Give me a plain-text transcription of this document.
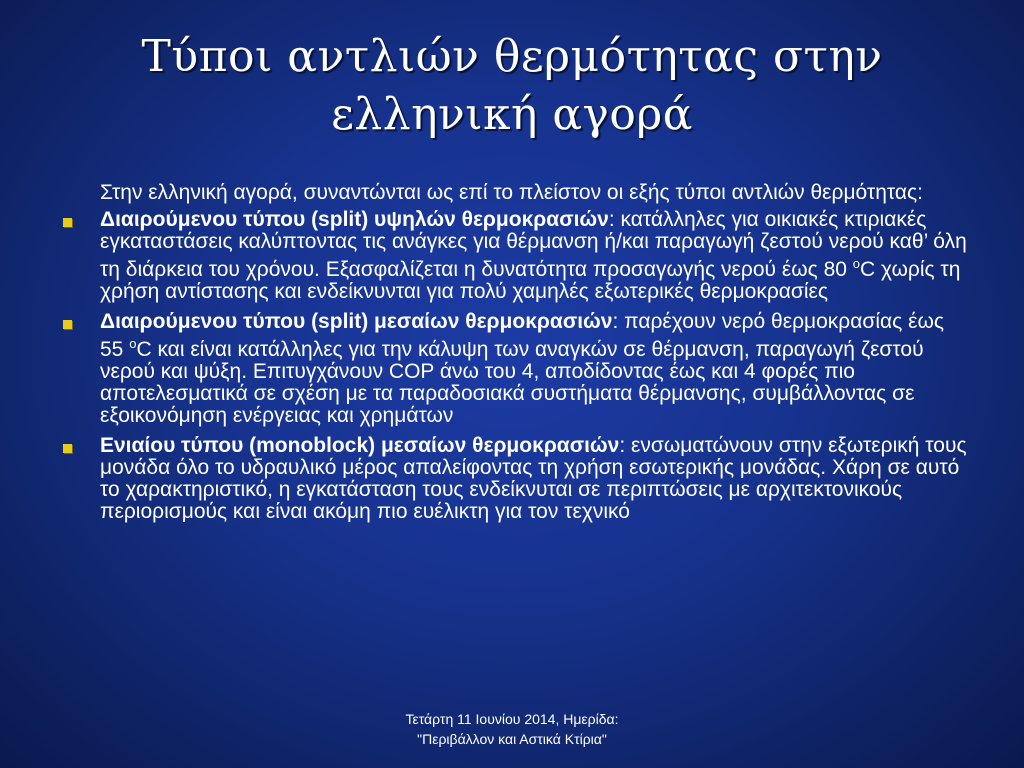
Τύποι αντλιών θερμότητας στην ελληνική αγορά

Στην ελληνική αγορά, συναντώνται ως επί το πλείστον οι εξής τύποι αντλιών θερμότητας:

Διαιρούμενου τύπου (split) υψηλών θερμοκρασιών: κατάλληλες για οικιακές κτιριακές εγκαταστάσεις καλύπτοντας τις ανάγκες για θέρμανση ή/και παραγωγή ζεστού νερού καθ’ όλη τη διάρκεια του χρόνου. Εξασφαλίζεται η δυνατότητα προσαγωγής νερού έως 80 $^o$C χωρίς τη χρήση αντίστασης και ενδείκνυνται για πολύ χαμηλές εξωτερικές θερμοκρασίες
Διαιρούμενου τύπου (split) μεσαίων θερμοκρασιών: παρέχουν νερό θερμοκρασίας έως 55 $^o$C και είναι κατάλληλες για την κάλυψη των αναγκών σε θέρμανση, παραγωγή ζεστού νερού και ψύξη. Επιτυγχάνουν COP άνω του 4, αποδίδοντας έως και 4 φορές πιο αποτελεσματικά σε σχέση με τα παραδοσιακά συστήματα θέρμανσης, συμβάλλοντας σε εξοικονόμηση ενέργειας και χρημάτων
Ενιαίου τύπου (monoblock) μεσαίων θερμοκρασιών: ενσωματώνουν στην εξωτερική τους μονάδα όλο το υδραυλικό μέρος απαλείφοντας τη χρήση εσωτερικής μονάδας. Χάρη σε αυτό το χαρακτηριστικό, η εγκατάσταση τους ενδείκνυται σε περιπτώσεις με αρχιτεκτονικούς περιορισμούς και είναι ακόμη πιο ευέλικτη για τον τεχνικό
Τετάρτη 11 Ιουνίου 2014, Ημερίδα:
"Περιβάλλον και Αστικά Κτίρια"
